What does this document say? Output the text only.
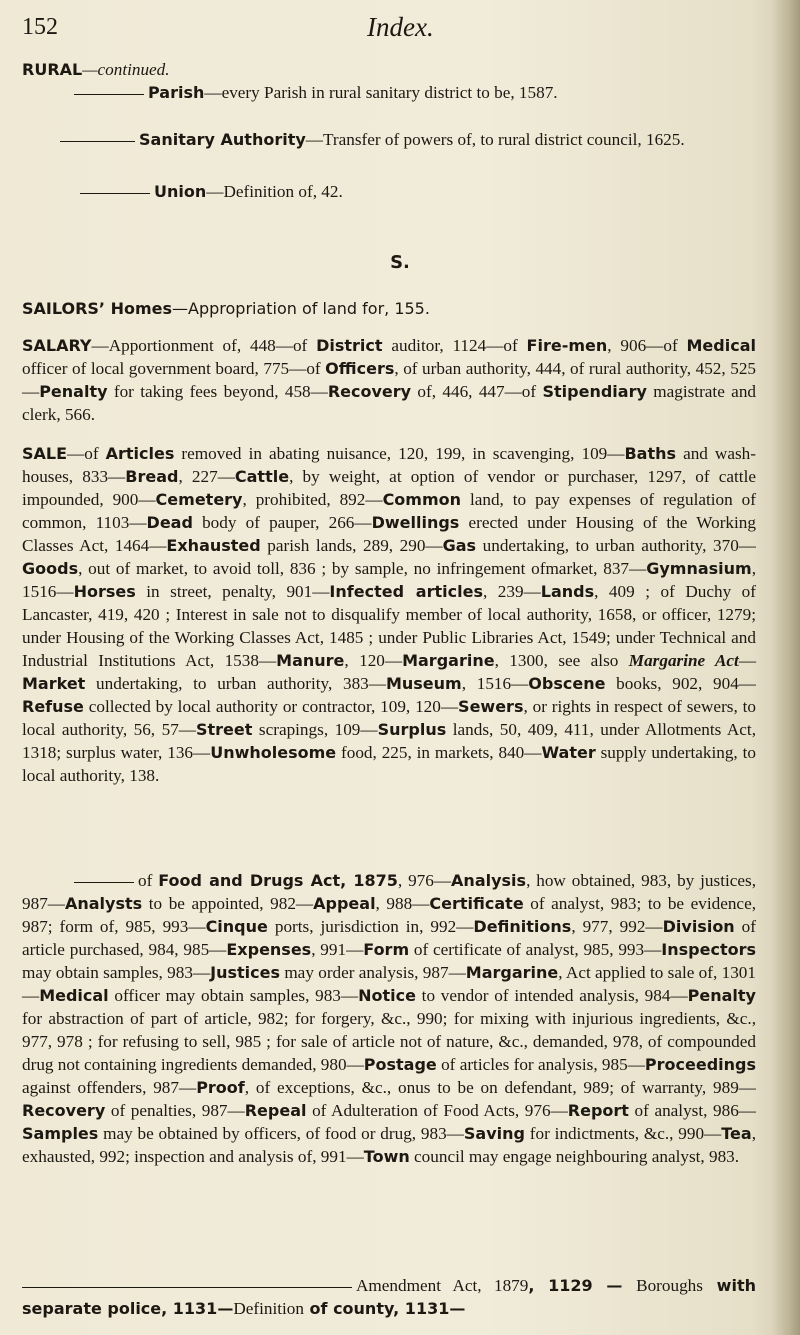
152	Index.
RURAL—continued.
Parish—every Parish in rural sanitary district to be, 1587.
Sanitary Authority—Transfer of powers of, to rural district council, 1625.
Union—Definition of, 42.
S.
SAILORS’ Homes—Appropriation of land for, 155.
SALARY—Apportionment of, 448—of District auditor, 1124—of Fire-men, 906—of Medical officer of local government board, 775—of Officers, of urban authority, 444, of rural authority, 452, 525—Penalty for taking fees beyond, 458—Recovery of, 446, 447—of Stipendiary magistrate and clerk, 566.
SALE—of Articles removed in abating nuisance, 120, 199, in scavenging, 109—Baths and wash-houses, 833—Bread, 227—Cattle, by weight, at option of vendor or purchaser, 1297, of cattle impounded, 900—Cemetery, prohibited, 892—Common land, to pay expenses of regulation of common, 1103—Dead body of pauper, 266—Dwellings erected under Housing of the Working Classes Act, 1464—Exhausted parish lands, 289, 290—Gas undertaking, to urban authority, 370—Goods, out of market, to avoid toll, 836 ; by sample, no infringement ofmarket, 837—Gymnasium, 1516—Horses in street, penalty, 901—Infected articles, 239—Lands, 409 ; of Duchy of Lancaster, 419, 420 ; Interest in sale not to disqualify member of local authority, 1658, or officer, 1279; under Housing of the Working Classes Act, 1485 ; under Public Libraries Act, 1549; under Technical and Industrial Institutions Act, 1538—Manure, 120—Margarine, 1300, see also Margarine Act—Market undertaking, to urban authority, 383—Museum, 1516—Obscene books, 902, 904—Refuse collected by local authority or contractor, 109, 120—Sewers, or rights in respect of sewers, to local authority, 56, 57—Street scrapings, 109—Surplus lands, 50, 409, 411, under Allotments Act, 1318; surplus water, 136—Unwholesome food, 225, in markets, 840—Water supply undertaking, to local authority, 138.
of Food and Drugs Act, 1875, 976—Analysis, how obtained, 983, by justices, 987—Analysts to be appointed, 982—Appeal, 988—Certificate of analyst, 983; to be evidence, 987; form of, 985, 993—Cinque ports, jurisdiction in, 992—Definitions, 977, 992—Division of article purchased, 984, 985—Expenses, 991—Form of certificate of analyst, 985, 993—Inspectors may obtain samples, 983—Justices may order analysis, 987—Margarine, Act applied to sale of, 1301—Medical officer may obtain samples, 983—Notice to vendor of intended analysis, 984—Penalty for abstraction of part of article, 982; for forgery, &c., 990; for mixing with injurious ingredients, &c., 977, 978 ; for refusing to sell, 985 ; for sale of article not of nature, &c., demanded, 978, of compounded drug not containing ingredients demanded, 980—Postage of articles for analysis, 985—Proceedings against offenders, 987—Proof, of exceptions, &c., onus to be on defendant, 989; of warranty, 989—Recovery of penalties, 987—Repeal of Adulteration of Food Acts, 976—Report of analyst, 986—Samples may be obtained by officers, of food or drug, 983—Saving for indictments, &c., 990—Tea, exhausted, 992; inspection and analysis of, 991—Town council may engage neighbouring analyst, 983.
Amendment Act, 1879, 1129 — Boroughs with separate police, 1131—Definition of county, 1131—
